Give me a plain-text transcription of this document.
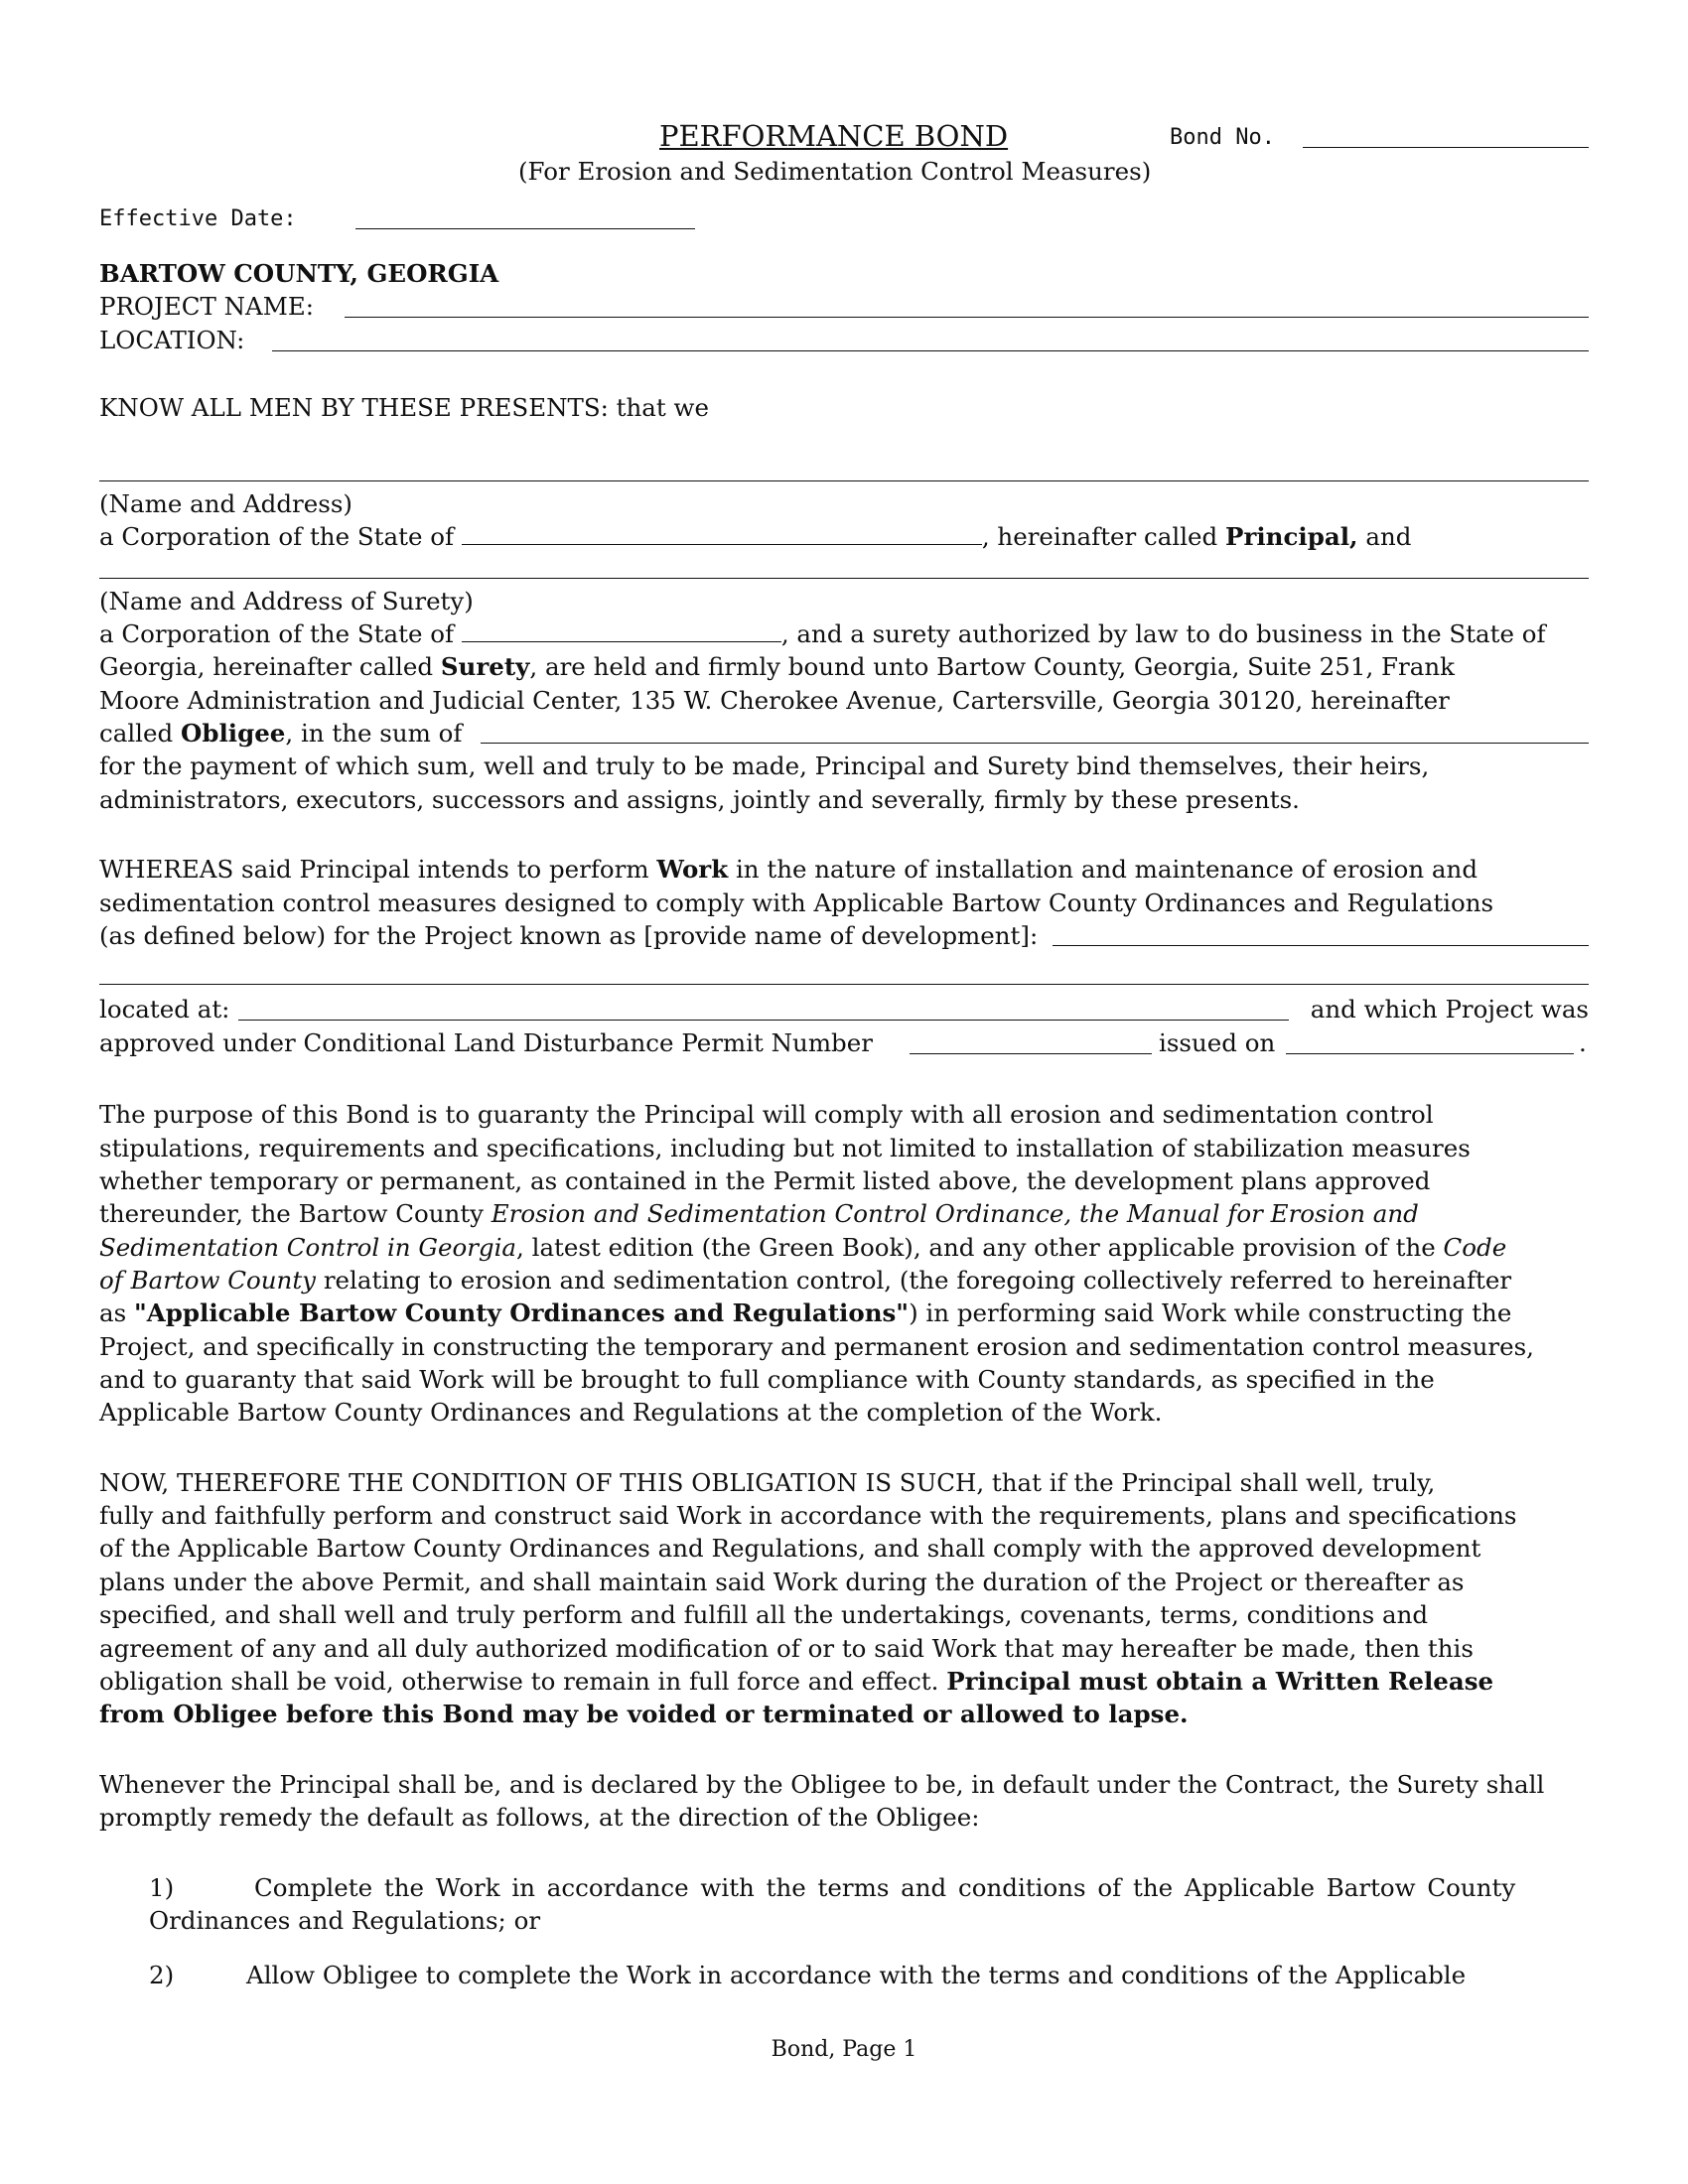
PERFORMANCE BOND	Bond No.
(For Erosion and Sedimentation Control Measures)
Effective Date:
BARTOW COUNTY, GEORGIA
PROJECT NAME:
LOCATION:
KNOW ALL MEN BY THESE PRESENTS: that we
(Name and Address)
a Corporation of the State of	, hereinafter called Principal, and
(Name and Address of Surety)
a Corporation of the State of	, and a surety authorized by law to do business in the State of
Georgia, hereinafter called Surety, are held and firmly bound unto Bartow County, Georgia, Suite 251, Frank
Moore Administration and Judicial Center, 135 W. Cherokee Avenue, Cartersville, Georgia 30120, hereinafter
called Obligee, in the sum of
for the payment of which sum, well and truly to be made, Principal and Surety bind themselves, their heirs,
administrators, executors, successors and assigns, jointly and severally, firmly by these presents.
WHEREAS said Principal intends to perform Work in the nature of installation and maintenance of erosion and
sedimentation control measures designed to comply with Applicable Bartow County Ordinances and Regulations
(as defined below) for the Project known as [provide name of development]:
located at:	and which Project was
approved under Conditional Land Disturbance Permit Number	issued on	.
The purpose of this Bond is to guaranty the Principal will comply with all erosion and sedimentation control
stipulations, requirements and specifications, including but not limited to installation of stabilization measures
whether temporary or permanent, as contained in the Permit listed above, the development plans approved
thereunder, the Bartow County Erosion and Sedimentation Control Ordinance, the Manual for Erosion and
Sedimentation Control in Georgia, latest edition (the Green Book), and any other applicable provision of the Code
of Bartow County relating to erosion and sedimentation control, (the foregoing collectively referred to hereinafter
as "Applicable Bartow County Ordinances and Regulations") in performing said Work while constructing the
Project, and specifically in constructing the temporary and permanent erosion and sedimentation control measures,
and to guaranty that said Work will be brought to full compliance with County standards, as specified in the
Applicable Bartow County Ordinances and Regulations at the completion of the Work.
NOW, THEREFORE THE CONDITION OF THIS OBLIGATION IS SUCH, that if the Principal shall well, truly,
fully and faithfully perform and construct said Work in accordance with the requirements, plans and specifications
of the Applicable Bartow County Ordinances and Regulations, and shall comply with the approved development
plans under the above Permit, and shall maintain said Work during the duration of the Project or thereafter as
specified, and shall well and truly perform and fulfill all the undertakings, covenants, terms, conditions and
agreement of any and all duly authorized modification of or to said Work that may hereafter be made, then this
obligation shall be void, otherwise to remain in full force and effect. Principal must obtain a Written Release
from Obligee before this Bond may be voided or terminated or allowed to lapse.
Whenever the Principal shall be, and is declared by the Obligee to be, in default under the Contract, the Surety shall
promptly remedy the default as follows, at the direction of the Obligee:
1)	Complete the Work in accordance with the terms and conditions of the Applicable Bartow County
Ordinances and Regulations; or
2)	Allow Obligee to complete the Work in accordance with the terms and conditions of the Applicable
Bond, Page 1
